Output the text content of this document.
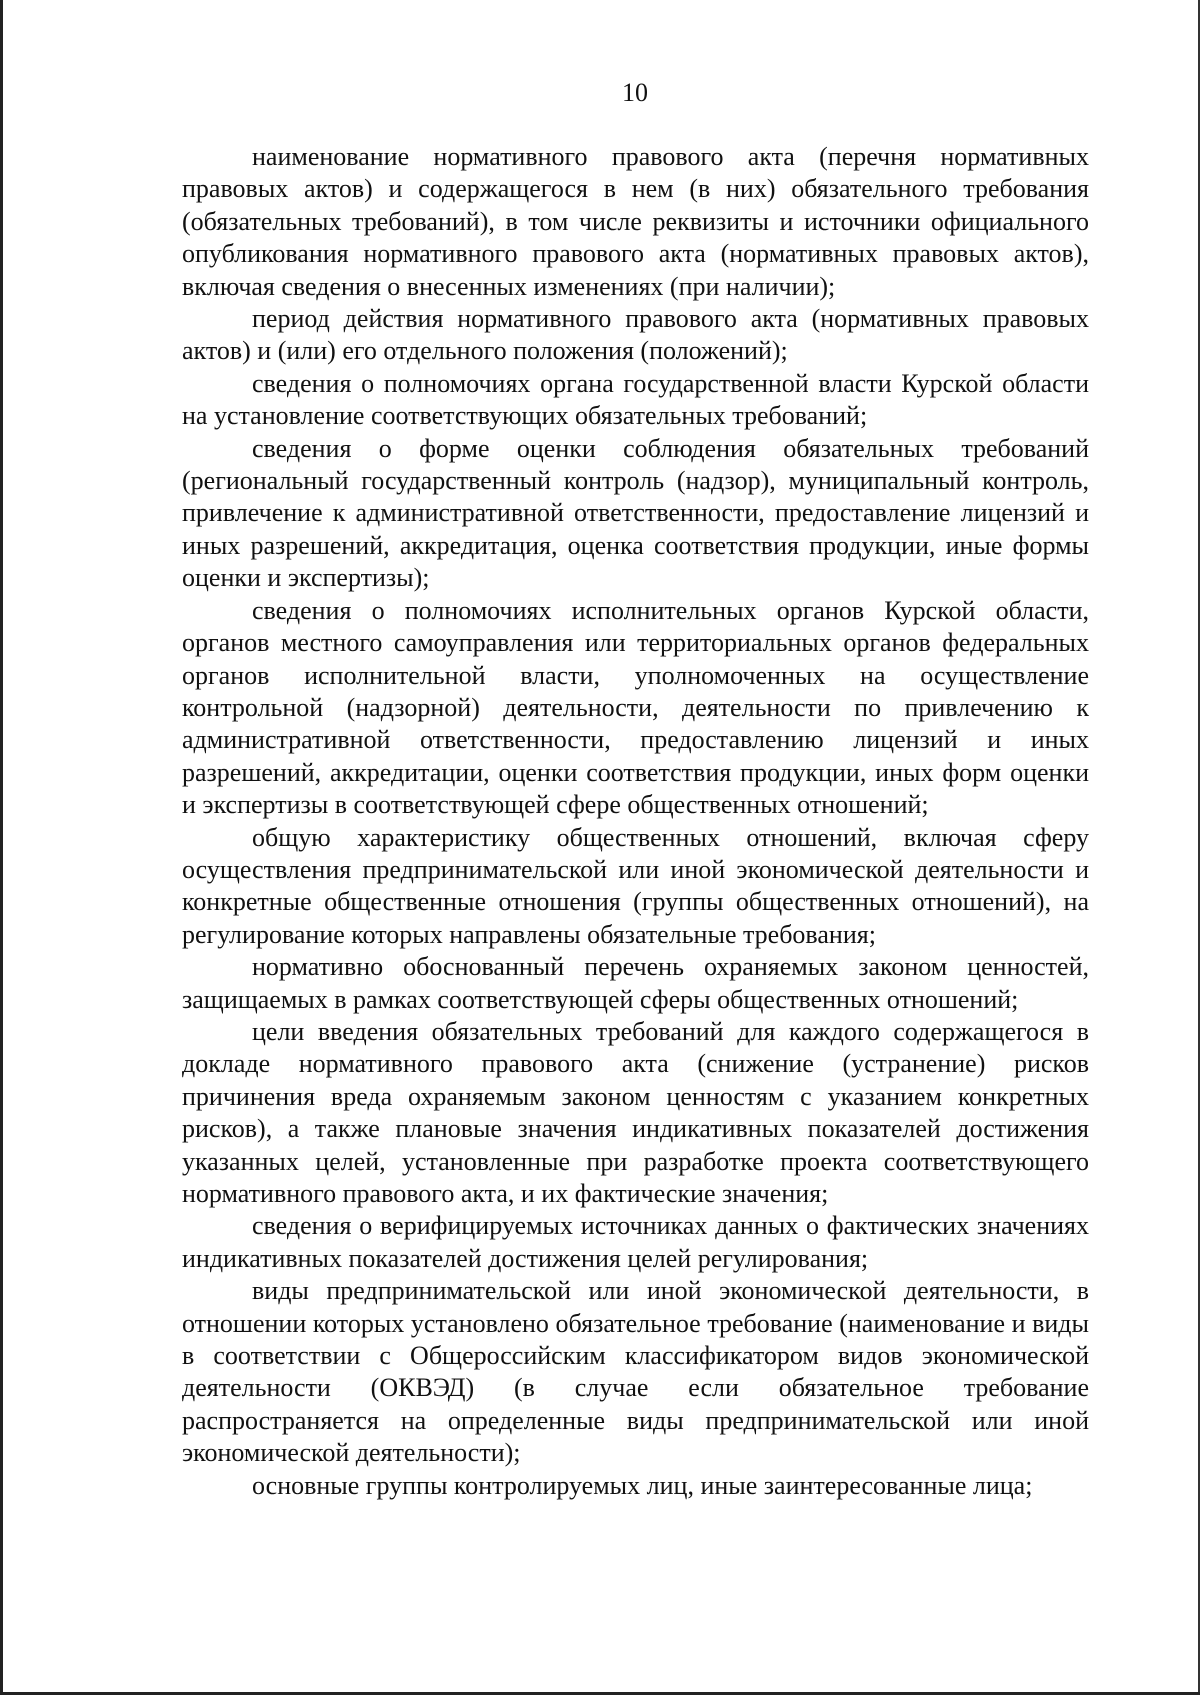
10

наименование нормативного правового акта (перечня нормативных правовых актов) и содержащегося в нем (в них) обязательного требования (обязательных требований), в том числе реквизиты и источники официального опубликования нормативного правового акта (нормативных правовых актов), включая сведения о внесенных изменениях (при наличии);

период действия нормативного правового акта (нормативных правовых актов) и (или) его отдельного положения (положений);

сведения о полномочиях органа государственной власти Курской области на установление соответствующих обязательных требований;

сведения о форме оценки соблюдения обязательных требований (региональный государственный контроль (надзор), муниципальный контроль, привлечение к административной ответственности, предоставление лицензий и иных разрешений, аккредитация, оценка соответствия продукции, иные формы оценки и экспертизы);

сведения о полномочиях исполнительных органов Курской области, органов местного самоуправления или территориальных органов федеральных органов исполнительной власти, уполномоченных на осуществление контрольной (надзорной) деятельности, деятельности по привлечению к административной ответственности, предоставлению лицензий и иных разрешений, аккредитации, оценки соответствия продукции, иных форм оценки и экспертизы в соответствующей сфере общественных отношений;

общую характеристику общественных отношений, включая сферу осуществления предпринимательской или иной экономической деятельности и конкретные общественные отношения (группы общественных отношений), на регулирование которых направлены обязательные требования;

нормативно обоснованный перечень охраняемых законом ценностей, защищаемых в рамках соответствующей сферы общественных отношений;

цели введения обязательных требований для каждого содержащегося в докладе нормативного правового акта (снижение (устранение) рисков причинения вреда охраняемым законом ценностям с указанием конкретных рисков), а также плановые значения индикативных показателей достижения указанных целей, установленные при разработке проекта соответствующего нормативного правового акта, и их фактические значения;

сведения о верифицируемых источниках данных о фактических значениях индикативных показателей достижения целей регулирования;

виды предпринимательской или иной экономической деятельности, в отношении которых установлено обязательное требование (наименование и виды в соответствии с Общероссийским классификатором видов экономической деятельности (ОКВЭД) (в случае если обязательное требование распространяется на определенные виды предпринимательской или иной экономической деятельности);

основные группы контролируемых лиц, иные заинтересованные лица;
